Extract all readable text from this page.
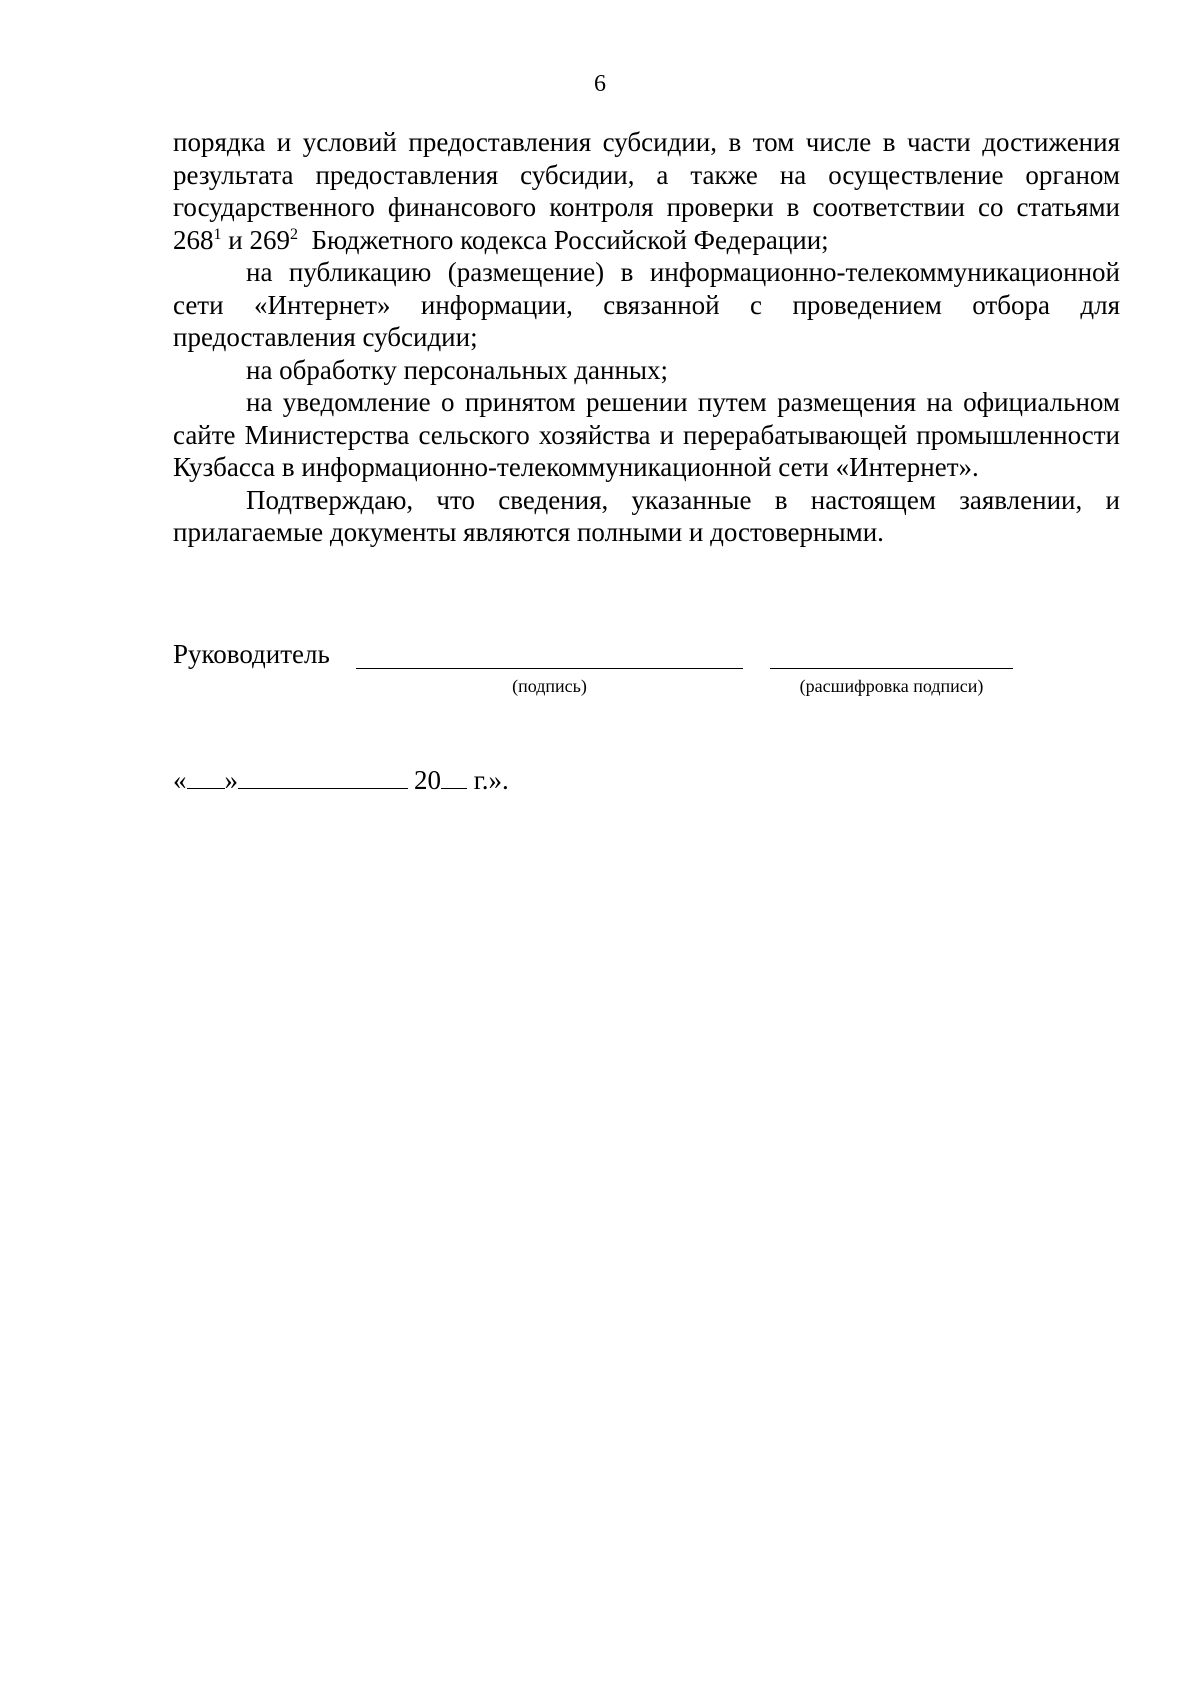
6

порядка и условий предоставления субсидии, в том числе в части достижения результата предоставления субсидии, а также на осуществление органом государственного финансового контроля проверки в соответствии со статьями $268^1$ и $269^2$  Бюджетного кодекса Российской Федерации;

на публикацию (размещение) в информационно-телекоммуникационной сети «Интернет» информации, связанной с проведением отбора для предоставления субсидии;

на обработку персональных данных;

на уведомление о принятом решении путем размещения на официальном сайте Министерства сельского хозяйства и перерабатывающей промышленности Кузбасса в информационно-телекоммуникационной сети «Интернет».

Подтверждаю, что сведения, указанные в настоящем заявлении, и прилагаемые документы являются полными и достоверными.

Руководитель
(подпись)	(расшифровка подписи)
« »	20 г.».
